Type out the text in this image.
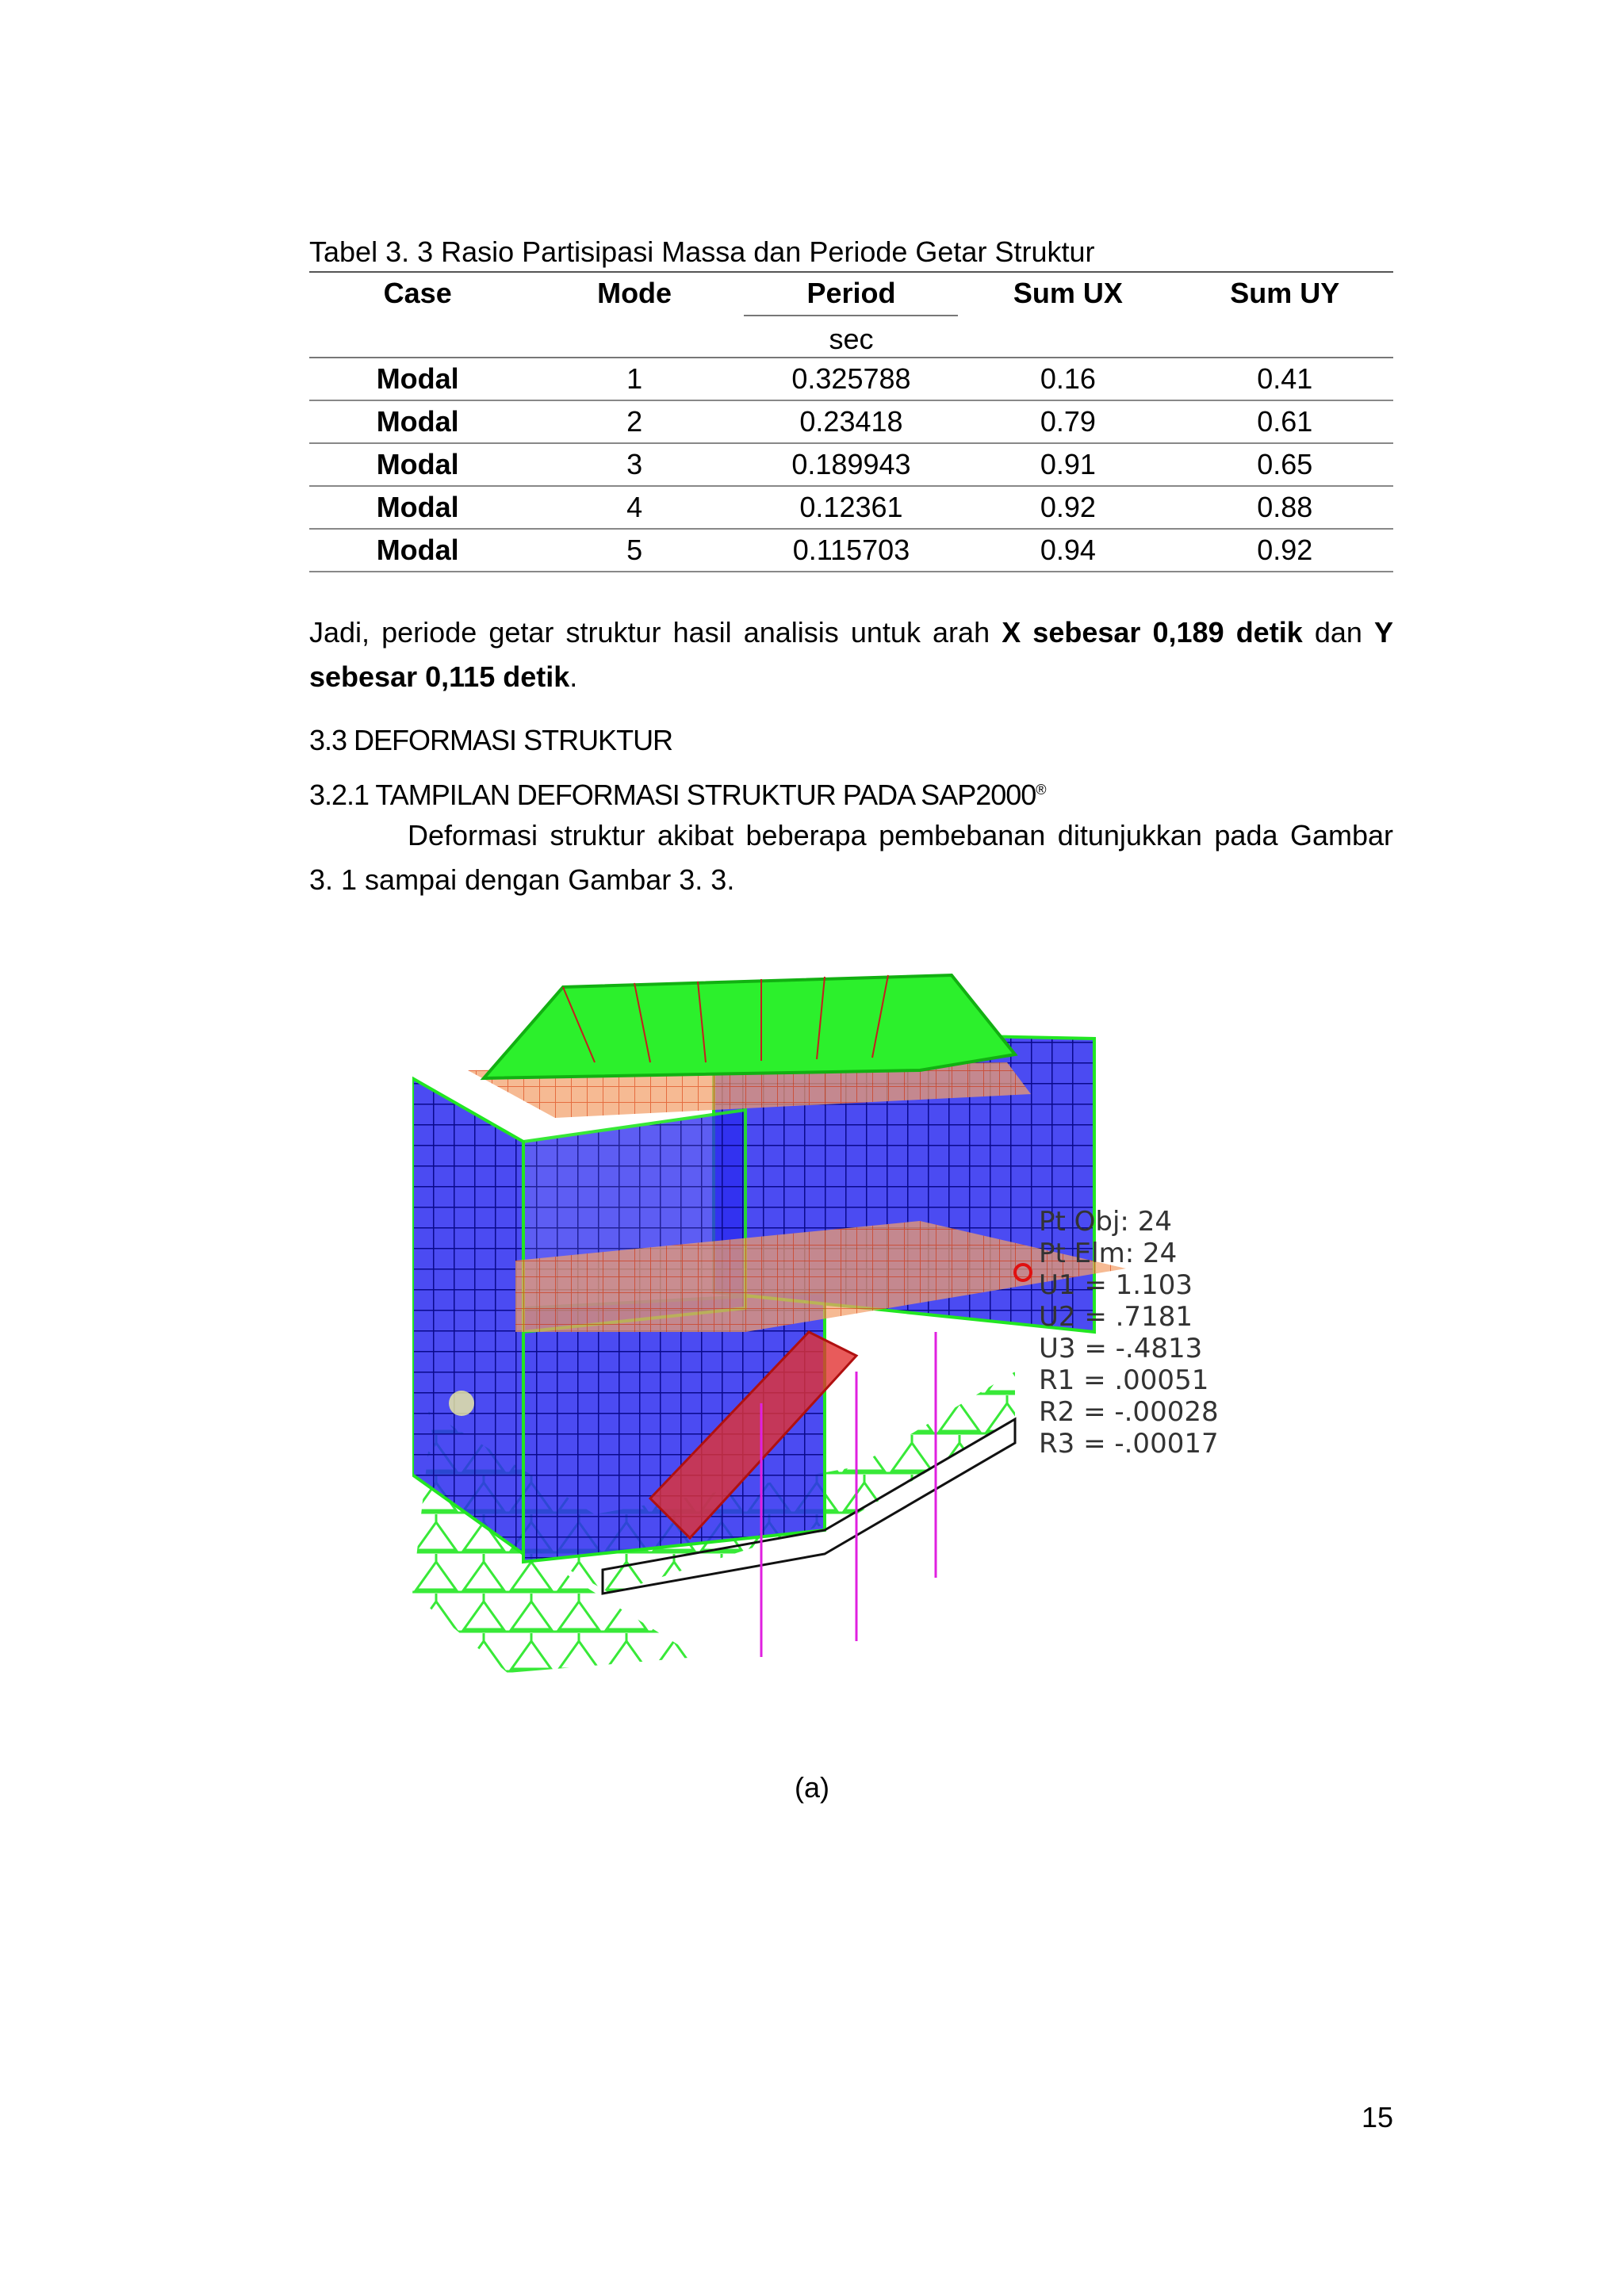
Tabel 3. 3 Rasio Partisipasi Massa dan Periode Getar Struktur
Case	Mode	Period	Sum UX	Sum UY
		sec		
Modal	1	0.325788	0.16	0.41
Modal	2	0.23418	0.79	0.61
Modal	3	0.189943	0.91	0.65
Modal	4	0.12361	0.92	0.88
Modal	5	0.115703	0.94	0.92
Jadi, periode getar struktur hasil analisis untuk arah X sebesar 0,189 detik dan Y sebesar 0,115 detik.
3.3 DEFORMASI STRUKTUR
3.2.1 TAMPILAN DEFORMASI STRUKTUR PADA SAP2000®
Deformasi struktur akibat beberapa pembebanan ditunjukkan pada Gambar 3. 1 sampai dengan Gambar 3. 3.
Pt Obj: 24
Pt Elm: 24
U1 = 1.103
U2 = .7181
U3 = -.4813
R1 = .00051
R2 = -.00028
R3 = -.00017
(a)
15
